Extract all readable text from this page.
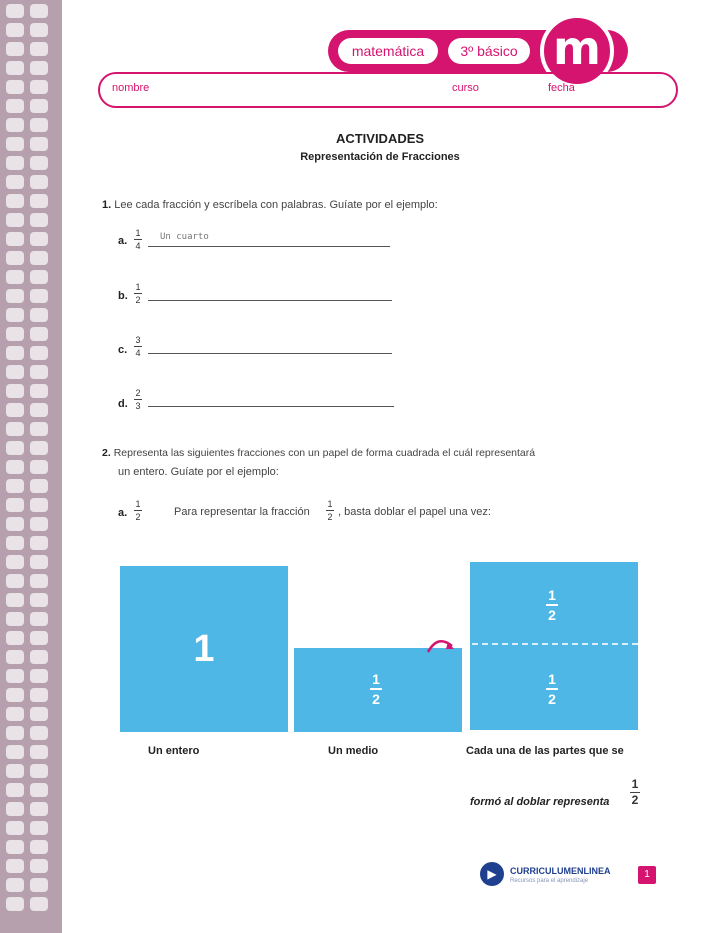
matemática	3º básico m
nombre	curso	fecha
ACTIVIDADES
Representación de Fracciones
1. Lee cada fracción y escríbela con palabras. Guíate por el ejemplo:
a.
1
4
Un cuarto
b.
1
2
c.
3
4
d.
2
3
2. Representa las siguientes fracciones con un papel de forma cuadrada el cuál representará
un entero. Guíate por el ejemplo:
a.
1
2	Para representar la fracción
1
2 , basta doblar el papel una vez:
1
1
2
1
2
1
2
Un entero	Un medio	Cada una de las partes que se
formó al doblar representa
1
2
▶	CURRICULUMENLINEA
Recursos para el aprendizaje
1
